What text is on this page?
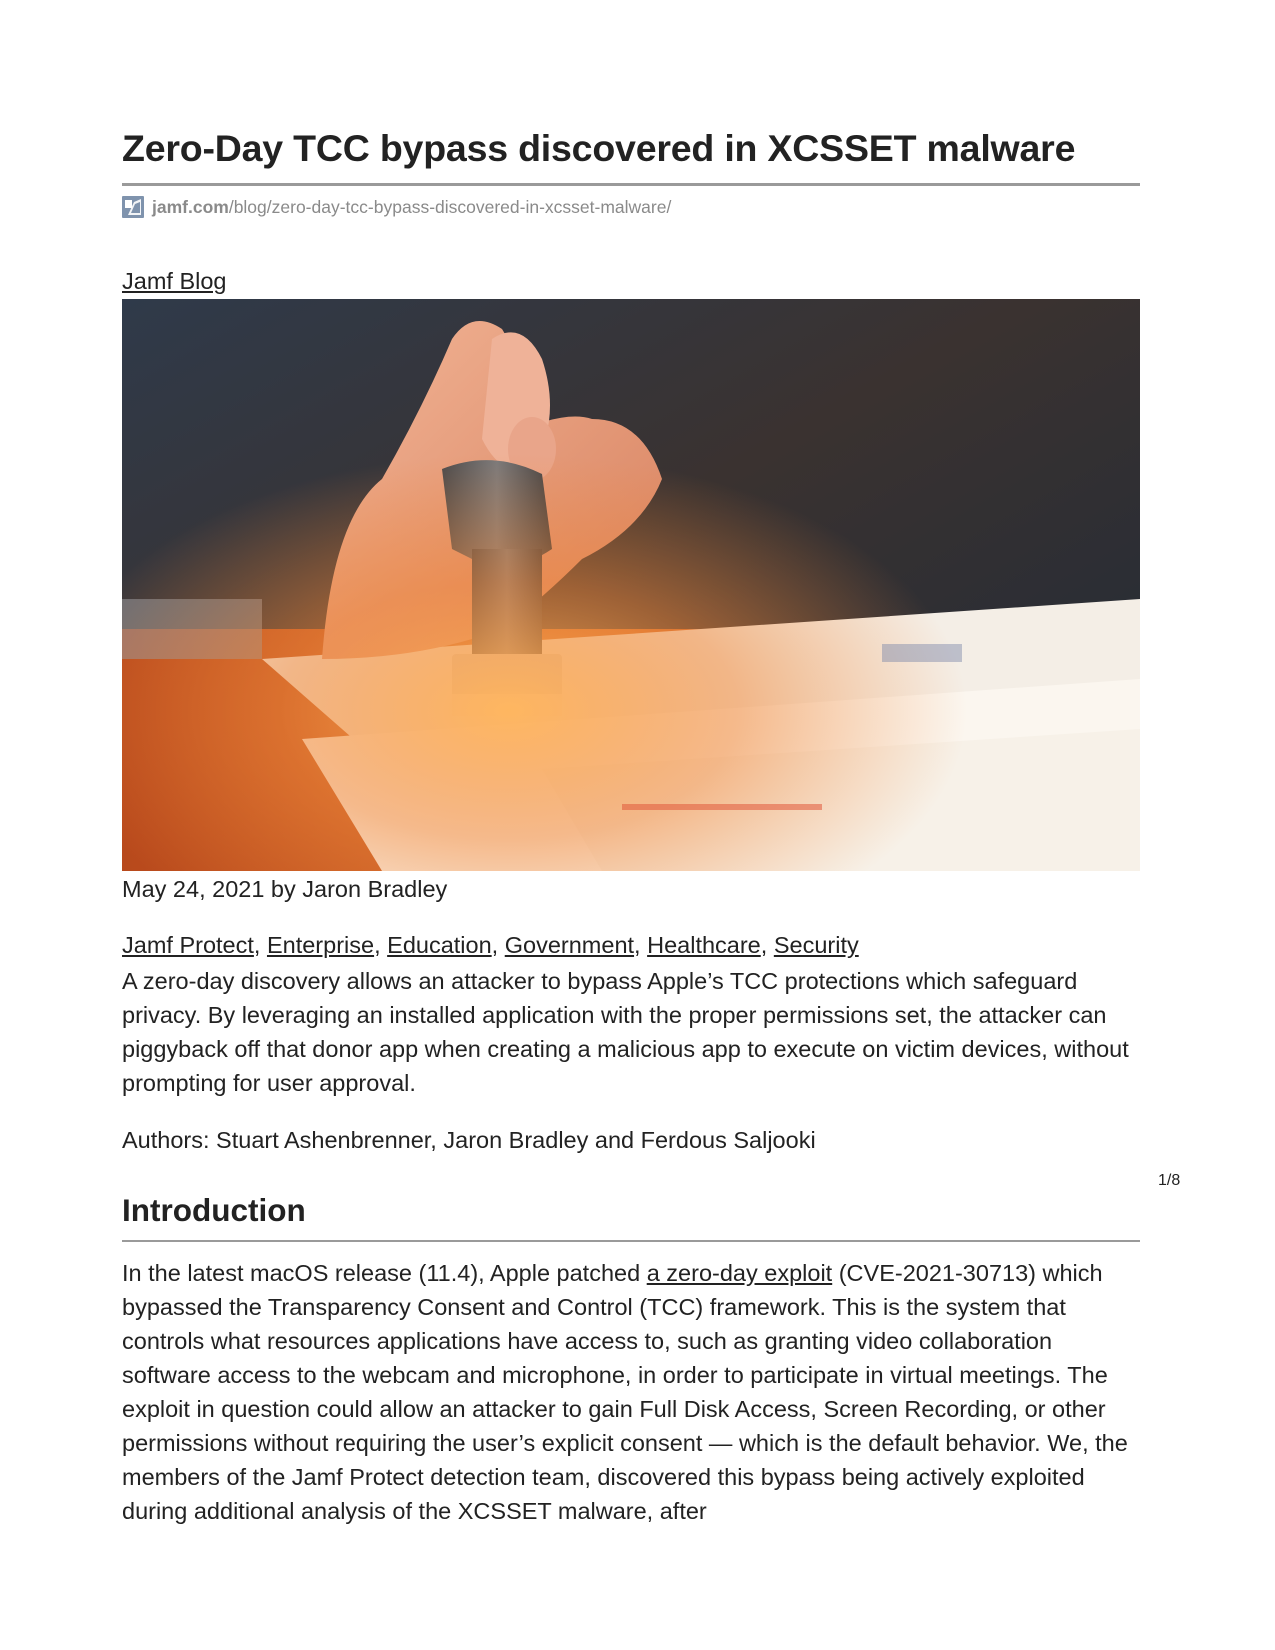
Zero-Day TCC bypass discovered in XCSSET malware
jamf.com/blog/zero-day-tcc-bypass-discovered-in-xcsset-malware/
Jamf Blog
May 24, 2021 by Jaron Bradley
Jamf Protect, Enterprise, Education, Government, Healthcare, Security

A zero-day discovery allows an attacker to bypass Apple’s TCC protections which safeguard privacy. By leveraging an installed application with the proper permissions set, the attacker can piggyback off that donor app when creating a malicious app to execute on victim devices, without prompting for user approval.

Authors: Stuart Ashenbrenner, Jaron Bradley and Ferdous Saljooki

Introduction

In the latest macOS release (11.4), Apple patched a zero-day exploit (CVE-2021-30713) which bypassed the Transparency Consent and Control (TCC) framework. This is the system that controls what resources applications have access to, such as granting video collaboration software access to the webcam and microphone, in order to participate in virtual meetings. The exploit in question could allow an attacker to gain Full Disk Access, Screen Recording, or other permissions without requiring the user’s explicit consent — which is the default behavior. We, the members of the Jamf Protect detection team, discovered this bypass being actively exploited during additional analysis of the XCSSET malware, after

1/8
